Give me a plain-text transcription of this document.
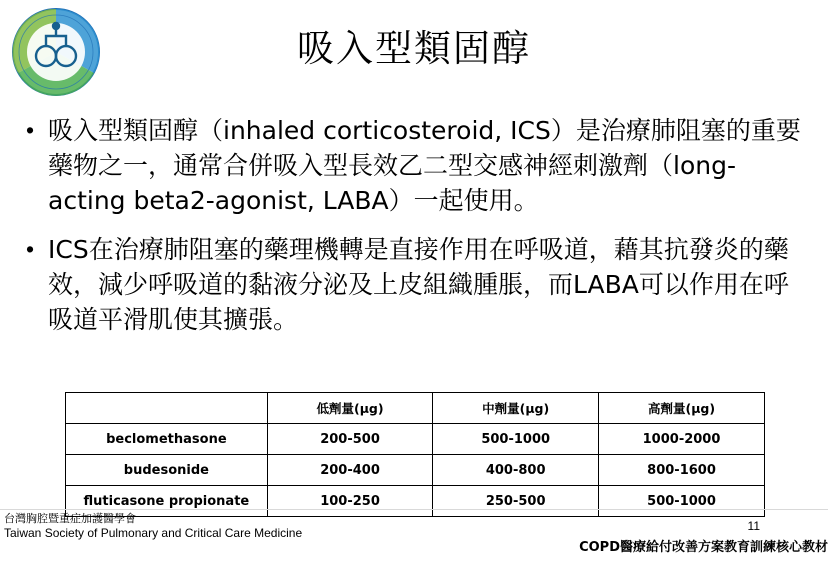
吸入型類固醇
• 吸入型類固醇（inhaled corticosteroid, ICS）是治療肺阻塞的重要藥物之一，通常合併吸入型長效乙二型交感神經刺激劑（long-acting beta2-agonist, LABA）一起使用。
• ICS在治療肺阻塞的藥理機轉是直接作用在呼吸道，藉其抗發炎的藥效，減少呼吸道的黏液分泌及上皮組織腫脹，而LABA可以作用在呼吸道平滑肌使其擴張。
	低劑量(μg)	中劑量(μg)	高劑量(μg)
beclomethasone	200-500	500-1000	1000-2000
budesonide	200-400	400-800	800-1600
fluticasone propionate	100-250	250-500	500-1000
台灣胸腔暨重症加護醫學會
Taiwan Society of Pulmonary and Critical Care Medicine	11
COPD醫療給付改善方案教育訓練核心教材
